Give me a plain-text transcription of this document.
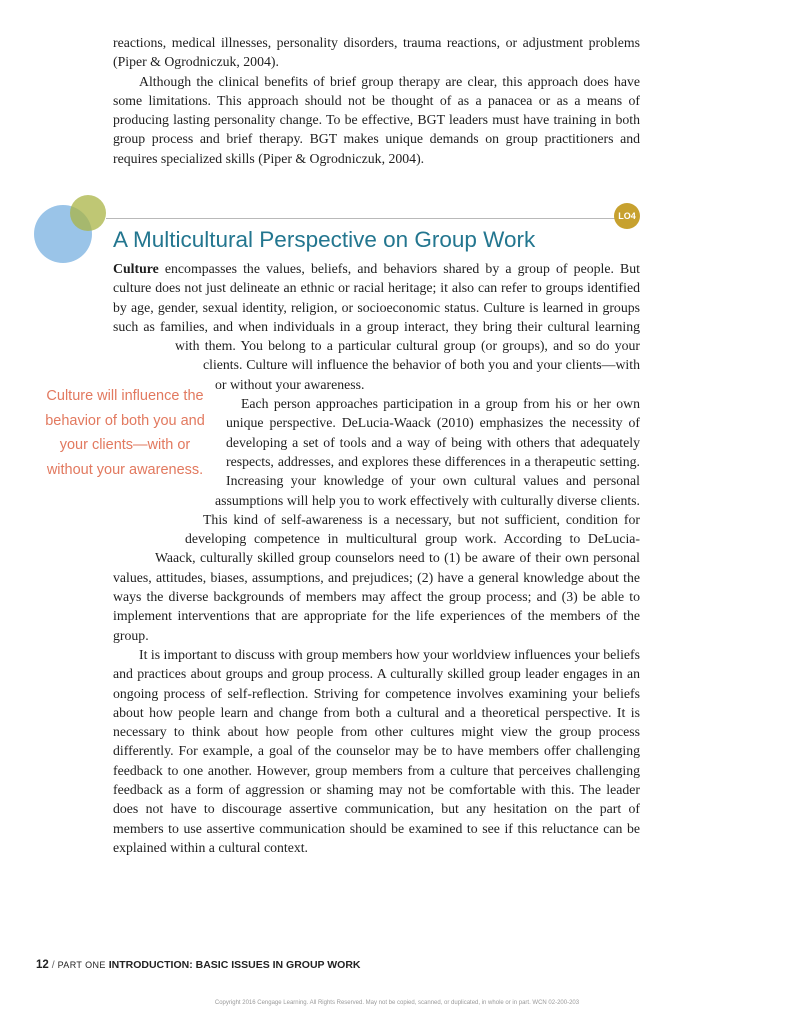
reactions, medical illnesses, personality disorders, trauma reactions, or adjustment problems (Piper & Ogrodniczuk, 2004).

Although the clinical benefits of brief group therapy are clear, this approach does have some limitations. This approach should not be thought of as a panacea or as a means of producing lasting personality change. To be effective, BGT leaders must have training in both group process and brief therapy. BGT makes unique demands on group practitioners and requires specialized skills (Piper & Ogrodniczuk, 2004).

LO4
A Multicultural Perspective on Group Work

Culture encompasses the values, beliefs, and behaviors shared by a group of people. But culture does not just delineate an ethnic or racial heritage; it also can refer to groups identified by age, gender, sexual identity, religion, or socioeconomic status. Culture is learned in groups such as families, and when individuals in a group interact, they bring their cultural learning with them. You belong to a particular cultural group (or groups), and so do your clients. Culture will influence the behavior of both you and your clients—with or without your awareness.

Each person approaches participation in a group from his or her own unique perspective. DeLucia-Waack (2010) emphasizes the necessity of developing a set of tools and a way of being with others that adequately respects, addresses, and explores these differences in a therapeutic setting. Increasing your knowledge of your own cultural values and personal assumptions will help you to work effectively with culturally diverse clients. This kind of self-awareness is a necessary, but not sufficient, condition for developing competence in multicultural group work. According to DeLucia-Waack, culturally skilled group counselors need to (1) be aware of their own personal values, attitudes, biases, assumptions, and prejudices; (2) have a general knowledge about the ways the diverse backgrounds of members may affect the group process; and (3) be able to implement interventions that are appropriate for the life experiences of the members of the group.

It is important to discuss with group members how your worldview influences your beliefs and practices about groups and group process. A culturally skilled group leader engages in an ongoing process of self-reflection. Striving for competence involves examining your beliefs about how people learn and change from both a cultural and a theoretical perspective. It is necessary to think about how people from other cultures might view the group process differently. For example, a goal of the counselor may be to have members offer challenging feedback to one another. However, group members from a culture that perceives challenging feedback as a form of aggression or shaming may not be comfortable with this. The leader does not have to discourage assertive communication, but any hesitation on the part of members to use assertive communication should be examined to see if this reluctance can be explained within a cultural context.

Culture will influence the behavior of both you and your clients—with or without your awareness.

12 / PART ONE INTRODUCTION: BASIC ISSUES IN GROUP WORK
Copyright 2016 Cengage Learning. All Rights Reserved. May not be copied, scanned, or duplicated, in whole or in part. WCN 02-200-203
